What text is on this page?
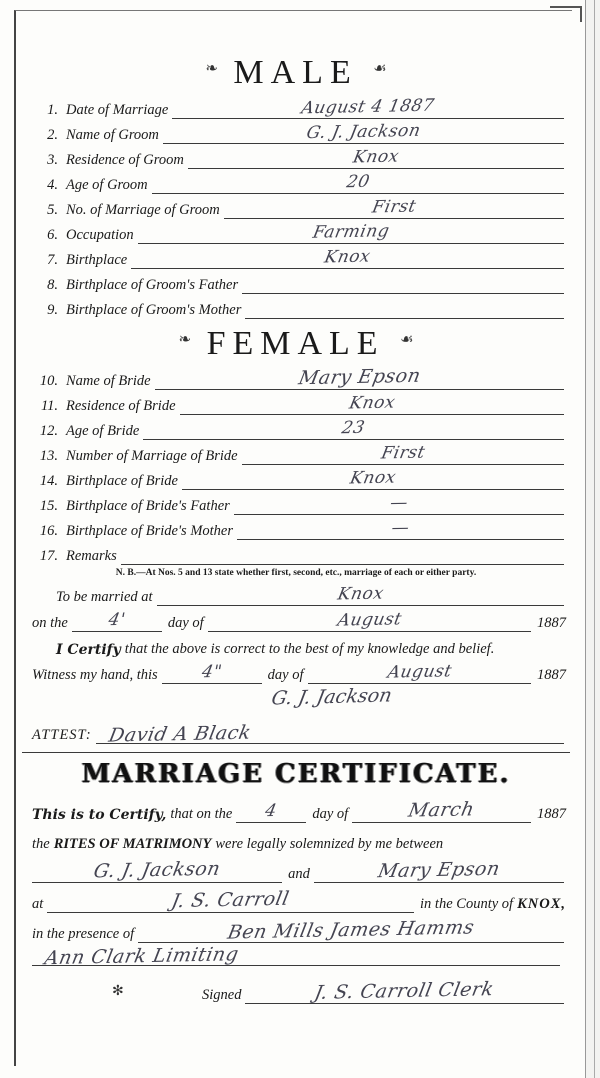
❧ MALE ☙
1. Date of Marriage	August 4 1887
2. Name of Groom	G. J. Jackson
3. Residence of Groom	Knox
4. Age of Groom	20
5. No. of Marriage of Groom	First
6. Occupation	Farming
7. Birthplace	Knox
8. Birthplace of Groom's Father
9. Birthplace of Groom's Mother
❧ FEMALE ☙
10. Name of Bride	Mary Epson
11. Residence of Bride	Knox
12. Age of Bride	23
13. Number of Marriage of Bride	First
14. Birthplace of Bride	Knox
15. Birthplace of Bride's Father	—
16. Birthplace of Bride's Mother	—
17. Remarks
N. B.—At Nos. 5 and 13 state whether first, second, etc., marriage of each or either party.
To be married at	Knox
on the	4'	day of	August	1887
I Certify that the above is correct to the best of my knowledge and belief.
Witness my hand, this	4"	day of	August	1887
G. J. Jackson
ATTEST: David A Black
MARRIAGE CERTIFICATE.
This is to Certify, that on the	4	day of	March	1887
the RITES OF MATRIMONY were legally solemnized by me between
G. J. Jackson	and	Mary Epson
at	J. S. Carroll	in the County of KNOX,
in the presence of	Ben Mills James Hamms
Ann Clark Limiting
Signed	J. S. Carroll Clerk
✻
